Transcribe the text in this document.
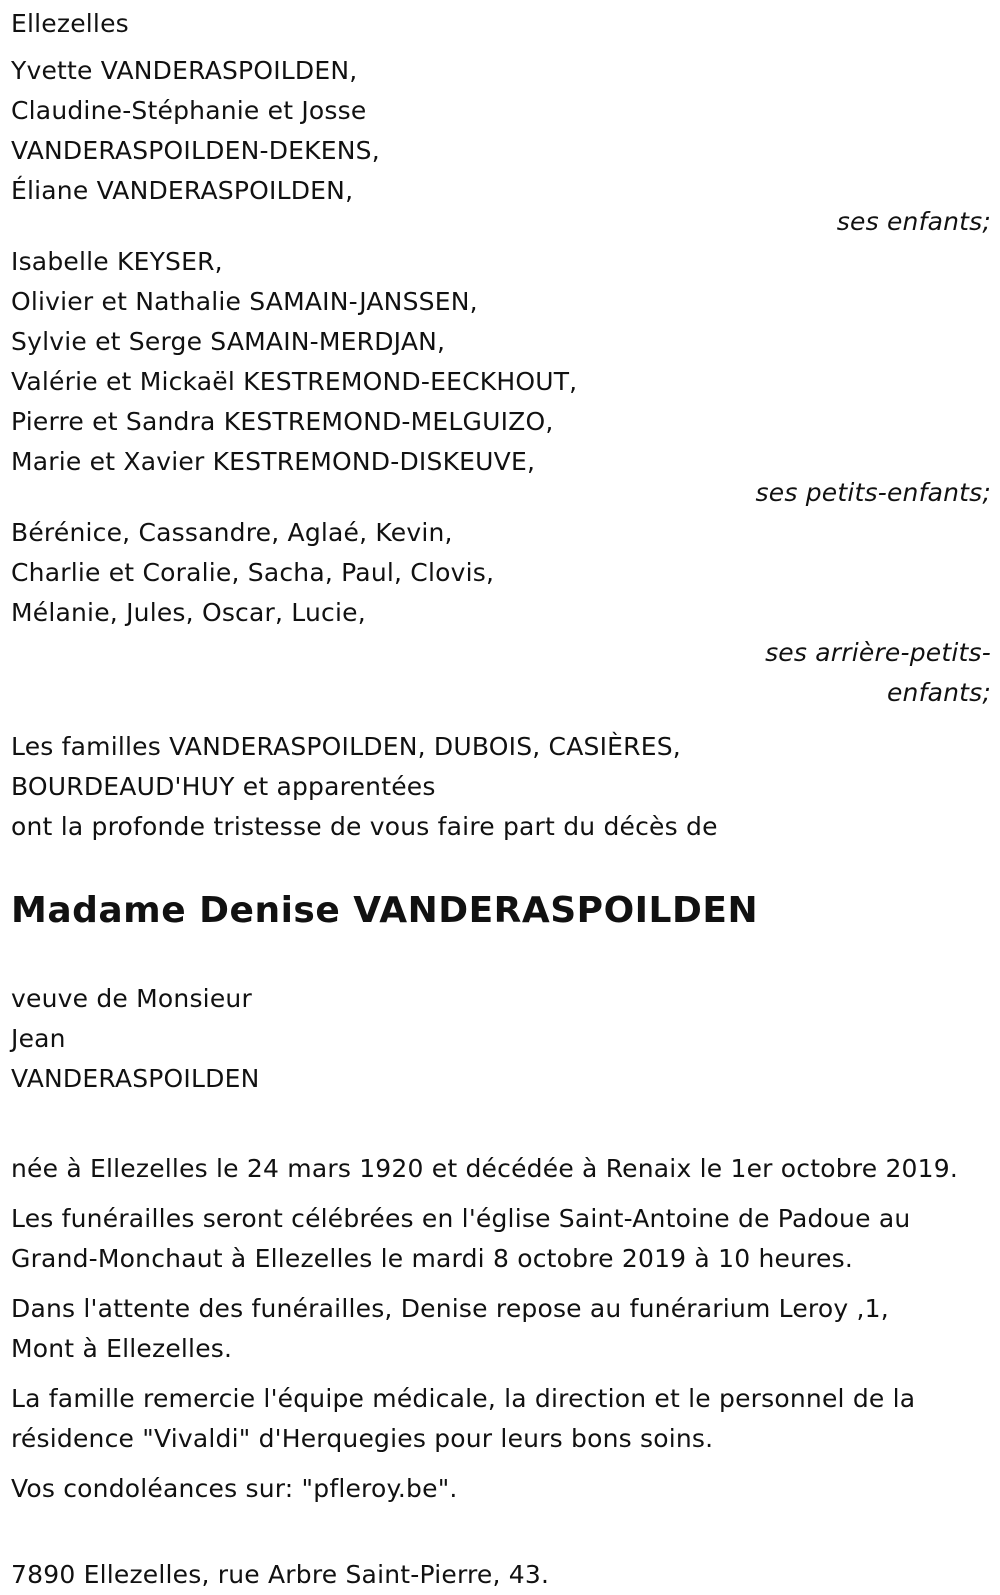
Ellezelles
Yvette VANDERASPOILDEN,
Claudine-Stéphanie et Josse
VANDERASPOILDEN-DEKENS,
Éliane VANDERASPOILDEN,
ses enfants;
Isabelle KEYSER,
Olivier et Nathalie SAMAIN-JANSSEN,
Sylvie et Serge SAMAIN-MERDJAN,
Valérie et Mickaël KESTREMOND-EECKHOUT,
Pierre et Sandra KESTREMOND-MELGUIZO,
Marie et Xavier KESTREMOND-DISKEUVE,
ses petits-enfants;
Bérénice, Cassandre, Aglaé, Kevin,
Charlie et Coralie, Sacha, Paul, Clovis,
Mélanie, Jules, Oscar, Lucie,
ses arrière-petits-
enfants;
Les familles VANDERASPOILDEN, DUBOIS, CASIÈRES,
BOURDEAUD'HUY et apparentées
ont la profonde tristesse de vous faire part du décès de
Madame Denise VANDERASPOILDEN
veuve de Monsieur
Jean
VANDERASPOILDEN
née à Ellezelles le 24 mars 1920 et décédée à Renaix le 1er octobre 2019.
Les funérailles seront célébrées en l'église Saint-Antoine de Padoue au
Grand-Monchaut à Ellezelles le mardi 8 octobre 2019 à 10 heures.
Dans l'attente des funérailles, Denise repose au funérarium Leroy ,1,
Mont à Ellezelles.
La famille remercie l'équipe médicale, la direction et le personnel de la
résidence "Vivaldi" d'Herquegies pour leurs bons soins.
Vos condoléances sur: "pfleroy.be".
7890 Ellezelles, rue Arbre Saint-Pierre, 43.
